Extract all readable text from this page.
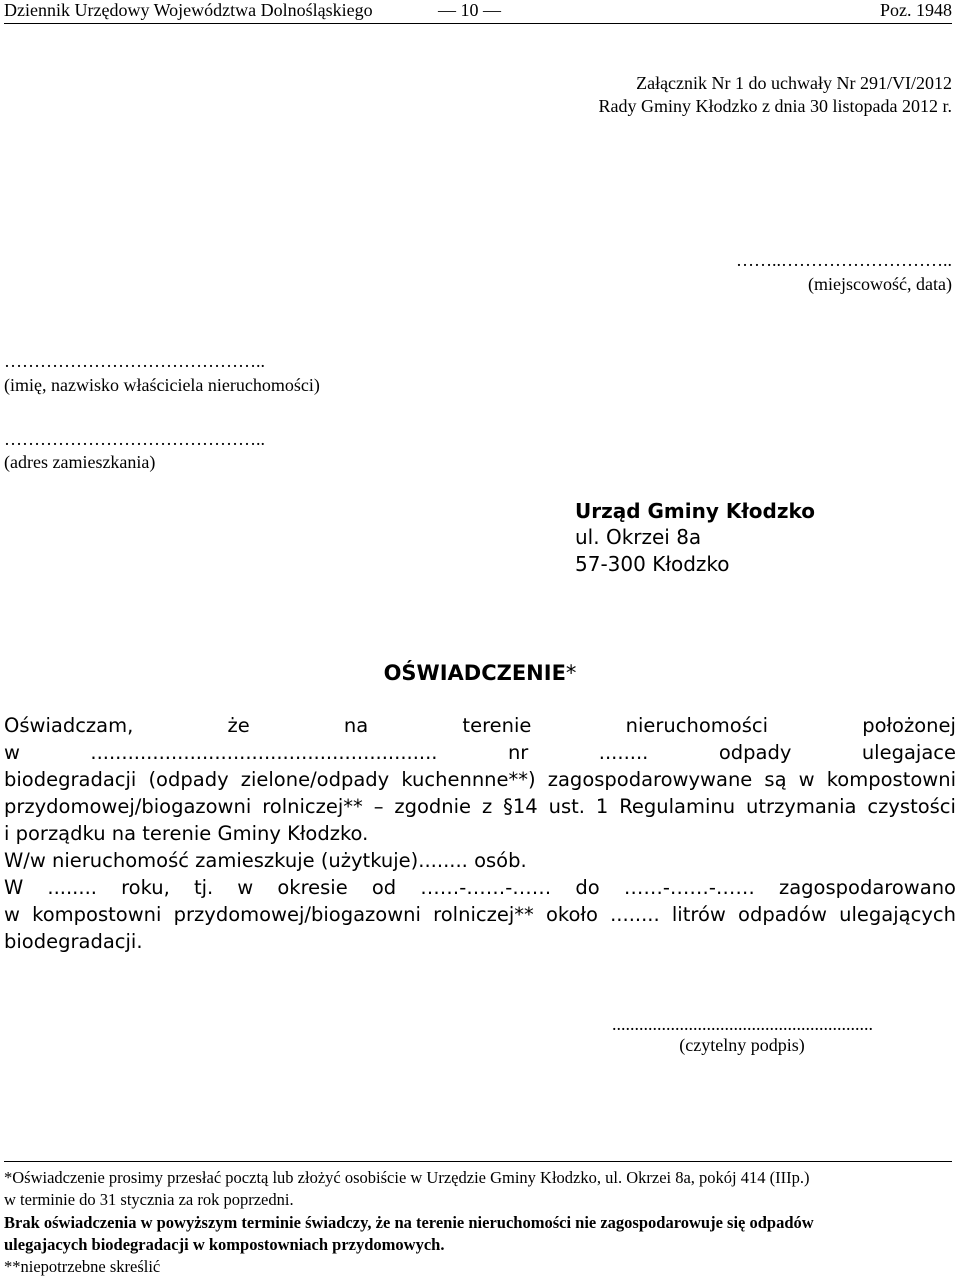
Dziennik Urzędowy Województwa Dolnośląskiego	— 10 —	Poz. 1948
Załącznik Nr 1 do uchwały Nr 291/VI/2012
Rady Gminy Kłodzko z dnia 30 listopada 2012 r.
……..………………………..
(miejscowość, data)
……………………………………..
(imię, nazwisko właściciela nieruchomości)
……………………………………..
(adres zamieszkania)
Urząd Gminy Kłodzko
ul. Okrzei 8a
57-300 Kłodzko
OŚWIADCZENIE*
Oświadczam,	że	na	terenie	nieruchomości	położonej
w	........................................................	nr	........	odpady	ulegajace
biodegradacji (odpady zielone/odpady kuchennne**) zagospodarowywane są w kompostowni
przydomowej/biogazowni rolniczej** – zgodnie z §14 ust. 1 Regulaminu utrzymania czystości
i porządku na terenie Gminy Kłodzko.
W/w nieruchomość zamieszkuje (użytkuje)........ osób.
W ........ roku, tj. w okresie od ……-……-…… do ……-……-…… zagospodarowano
w kompostowni przydomowej/biogazowni rolniczej** około ........ litrów odpadów ulegających
biodegradacji.
..........................................................
(czytelny podpis)
*Oświadczenie prosimy przesłać pocztą lub złożyć osobiście w Urzędzie Gminy Kłodzko, ul. Okrzei 8a, pokój 414 (IIIp.)
w terminie do 31 stycznia za rok poprzedni.
Brak oświadczenia w powyższym terminie świadczy, że na terenie nieruchomości nie zagospodarowuje się odpadów
ulegajacych biodegradacji w kompostowniach przydomowych.
**niepotrzebne skreślić
